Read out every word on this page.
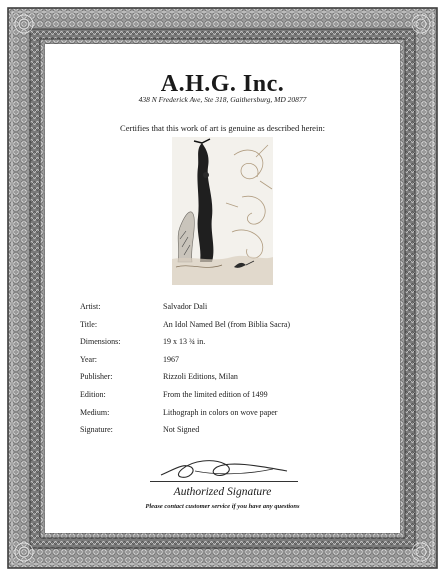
A.H.G. Inc.
438 N Frederick Ave, Ste 318, Gaithersburg, MD 20877
Certifies that this work of art is genuine as described herein:
Artist:	Salvador Dali
Title:	An Idol Named Bel (from Biblia Sacra)
Dimensions:	19 x 13 ¾ in.
Year:	1967
Publisher:	Rizzoli Editions, Milan
Edition:	From the limited edition of 1499
Medium:	Lithograph in colors on wove paper
Signature:	Not Signed
Authorized Signature
Please contact customer service if you have any questions
